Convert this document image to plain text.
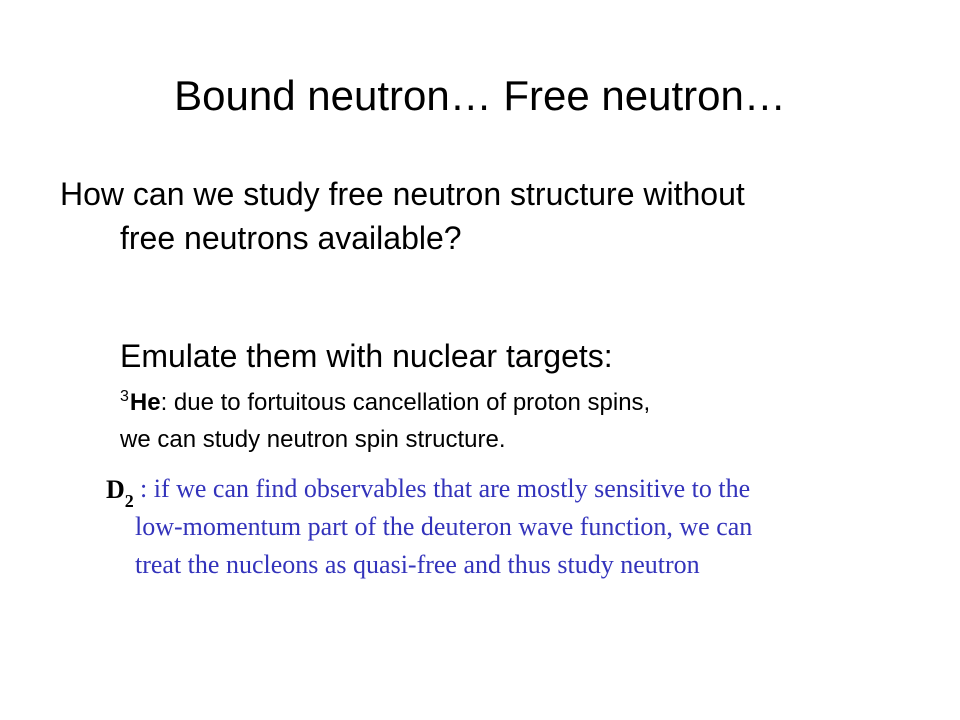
Bound neutron… Free neutron…
How can we study free neutron structure without
free neutrons available?
Emulate them with nuclear targets:
$^3$He: due to fortuitous cancellation of proton spins,
we can study neutron spin structure.
$D_2$ : if we can find observables that are mostly sensitive to the
low-momentum part of the deuteron wave function, we can
treat the nucleons as quasi-free and thus study neutron
